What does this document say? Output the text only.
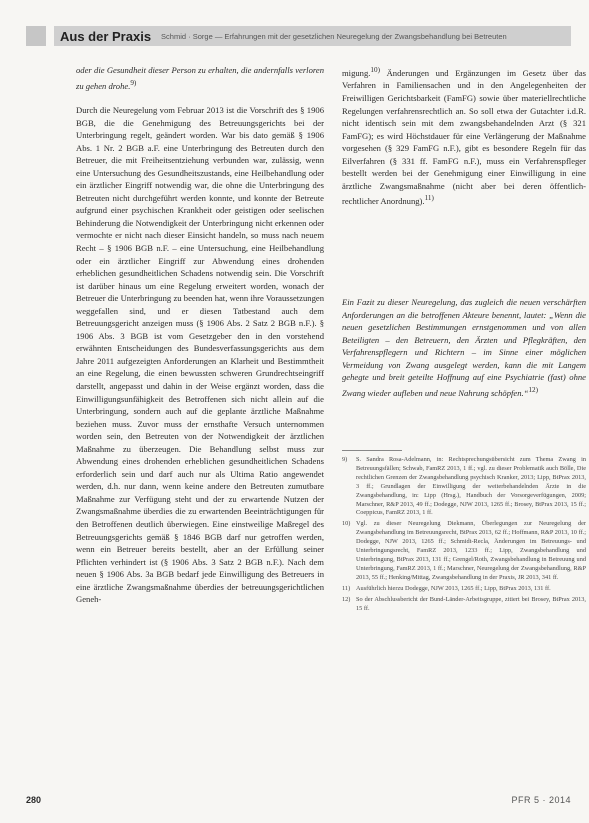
Aus der Praxis Schmid · Sorge — Erfahrungen mit der gesetzlichen Neuregelung der Zwangsbehandlung bei Betreuten

oder die Gesundheit dieser Person zu erhalten, die andernfalls verloren zu gehen drohe.$^{9)}$

Durch die Neuregelung vom Februar 2013 ist die Vorschrift des § 1906 BGB, die die Genehmigung des Betreuungsgerichts bei der Unterbringung regelt, geändert worden. War bis dato gemäß § 1906 Abs. 1 Nr. 2 BGB a.F. eine Unterbringung des Betreuten durch den Betreuer, die mit Freiheitsentziehung verbunden war, zulässig, wenn eine Untersuchung des Gesundheitszustands, eine Heilbehandlung oder ein ärztlicher Eingriff notwendig war, die ohne die Unterbringung des Betreuten nicht durchgeführt werden konnte, und konnte der Betreute aufgrund einer psychischen Krankheit oder geistigen oder seelischen Behinderung die Notwendigkeit der Unterbringung nicht erkennen oder vermochte er nicht nach dieser Einsicht handeln, so muss nach neuem Recht – § 1906 BGB n.F. – eine Untersuchung, eine Heilbehandlung oder ein ärztlicher Eingriff zur Abwendung eines drohenden erheblichen gesundheitlichen Schadens notwendig sein. Die Vorschrift ist darüber hinaus um eine Regelung erweitert worden, wonach der Betreuer die Unterbringung zu beenden hat, wenn ihre Voraussetzungen weggefallen sind, und er diesen Tatbestand auch dem Betreuungsgericht anzeigen muss (§ 1906 Abs. 2 Satz 2 BGB n.F.). § 1906 Abs. 3 BGB ist vom Gesetzgeber den in den vorstehend erwähnten Entscheidungen des Bundesverfassungsgerichts aus dem Jahre 2011 aufgezeigten Anforderungen an Klarheit und Bestimmtheit an eine Regelung, die einen bewussten schweren Grundrechtseingriff darstellt, angepasst und dahin in der Weise ergänzt worden, dass die Einwilligungsunfähigkeit des Betroffenen sich nicht allein auf die Unterbringung, sondern auch auf die geplante ärztliche Maßnahme beziehen muss. Zuvor muss der ernsthafte Versuch unternommen worden sein, den Betreuten von der Notwendigkeit der ärztlichen Maßnahme zu überzeugen. Die Behandlung selbst muss zur Abwendung eines drohenden erheblichen gesundheitlichen Schadens erforderlich sein und darf auch nur als Ultima Ratio angewendet werden, d.h. nur dann, wenn keine andere den Betreuten zumutbare Maßnahme zur Verfügung steht und der zu erwartende Nutzen der Zwangsmaßnahme überdies die zu erwartenden Beeinträchtigungen für den Betroffenen deutlich überwiegen. Eine einstweilige Maßregel des Betreuungsgerichts gemäß § 1846 BGB darf nur getroffen werden, wenn ein Betreuer bereits bestellt, aber an der Erfüllung seiner Pflichten verhindert ist (§ 1906 Abs. 3 Satz 2 BGB n.F.). Nach dem neuen § 1906 Abs. 3a BGB bedarf jede Einwilligung des Betreuers in eine ärztliche Zwangsmaßnahme überdies der betreuungsgerichtlichen Geneh-

migung.$^{10)}$ Änderungen und Ergänzungen im Gesetz über das Verfahren in Familiensachen und in den Angelegenheiten der Freiwilligen Gerichtsbarkeit (FamFG) sowie über materiellrechtliche Regelungen verfahrensrechtlich an. So soll etwa der Gutachter i.d.R. nicht identisch sein mit dem zwangsbehandelnden Arzt (§ 321 FamFG); es wird Höchstdauer für eine Verlängerung der Maßnahme vorgesehen (§ 329 FamFG n.F.), gibt es besondere Regeln für das Eilverfahren (§ 331 ff. FamFG n.F.), muss ein Verfahrenspfleger bestellt werden bei der Genehmigung einer Einwilligung in eine ärztliche Zwangsmaßnahme (nicht aber bei deren öffentlich-rechtlicher Anordnung).$^{11)}$

Ein Fazit zu dieser Neuregelung, das zugleich die neuen verschärften Anforderungen an die betroffenen Akteure benennt, lautet: „Wenn die neuen gesetzlichen Bestimmungen ernstgenommen und von allen Beteiligten – den Betreuern, den Ärzten und Pflegkräften, den Verfahrenspflegern und Richtern – im Sinne einer möglichen Vermeidung von Zwang ausgelegt werden, kann die mit Langem gehegte und breit geteilte Hoffnung auf eine Psychiatrie (fast) ohne Zwang wieder aufleben und neue Nahrung schöpfen.“$^{12)}$

9)	S. Sandra Rosa-Adelmann, in: Rechtsprechungsübersicht zum Thema Zwang in Betreuungsfällen; Schwab, FamRZ 2013, 1 ff.; vgl. zu dieser Problematik auch Bölle, Die rechtlichen Grenzen der Zwangsbehandlung psychisch Kranker, 2013; Lipp, BtPrax 2013, 3 ff.; Grundlagen der Einwilligung der weiterbehandelnden Ärzte in die Zwangsbehandlung, in: Lipp (Hrsg.), Handbuch der Vorsorgeverfügungen, 2009; Marschner, R&P 2013, 49 ff.; Dodegge, NJW 2013, 1265 ff.; Brosey, BtPrax 2013, 15 ff.; Coeppicus, FamRZ 2013, 1 ff.
10) Vgl. zu dieser Neuregelung Diekmann, Überlegungen zur Neuregelung der Zwangsbehandlung im Betreuungsrecht, BtPrax 2013, 62 ff.; Hoffmann, R&P 2013, 10 ff.; Dodegge, NJW 2013, 1265 ff.; Schmidt-Recla, Änderungen im Betreuungs- und Unterbringungsrecht, FamRZ 2013, 1233 ff.; Lipp, Zwangsbehandlung und Unterbringung, BtPrax 2013, 131 ff.; Grengel/Roth, Zwangsbehandlung in Betreuung und Unterbringung, FamRZ 2013, 1 ff.; Marschner, Neuregelung der Zwangsbehandlung, R&P 2013, 55 ff.; Henking/Mittag, Zwangsbehandlung in der Praxis, JR 2013, 341 ff.
11) Ausführlich hierzu Dodegge, NJW 2013, 1265 ff.; Lipp, BtPrax 2013, 131 ff.
12) So der Abschlussbericht der Bund-Länder-Arbeitsgruppe, zitiert bei Brosey, BtPrax 2013, 15 ff.
280	PFR 5 · 2014
